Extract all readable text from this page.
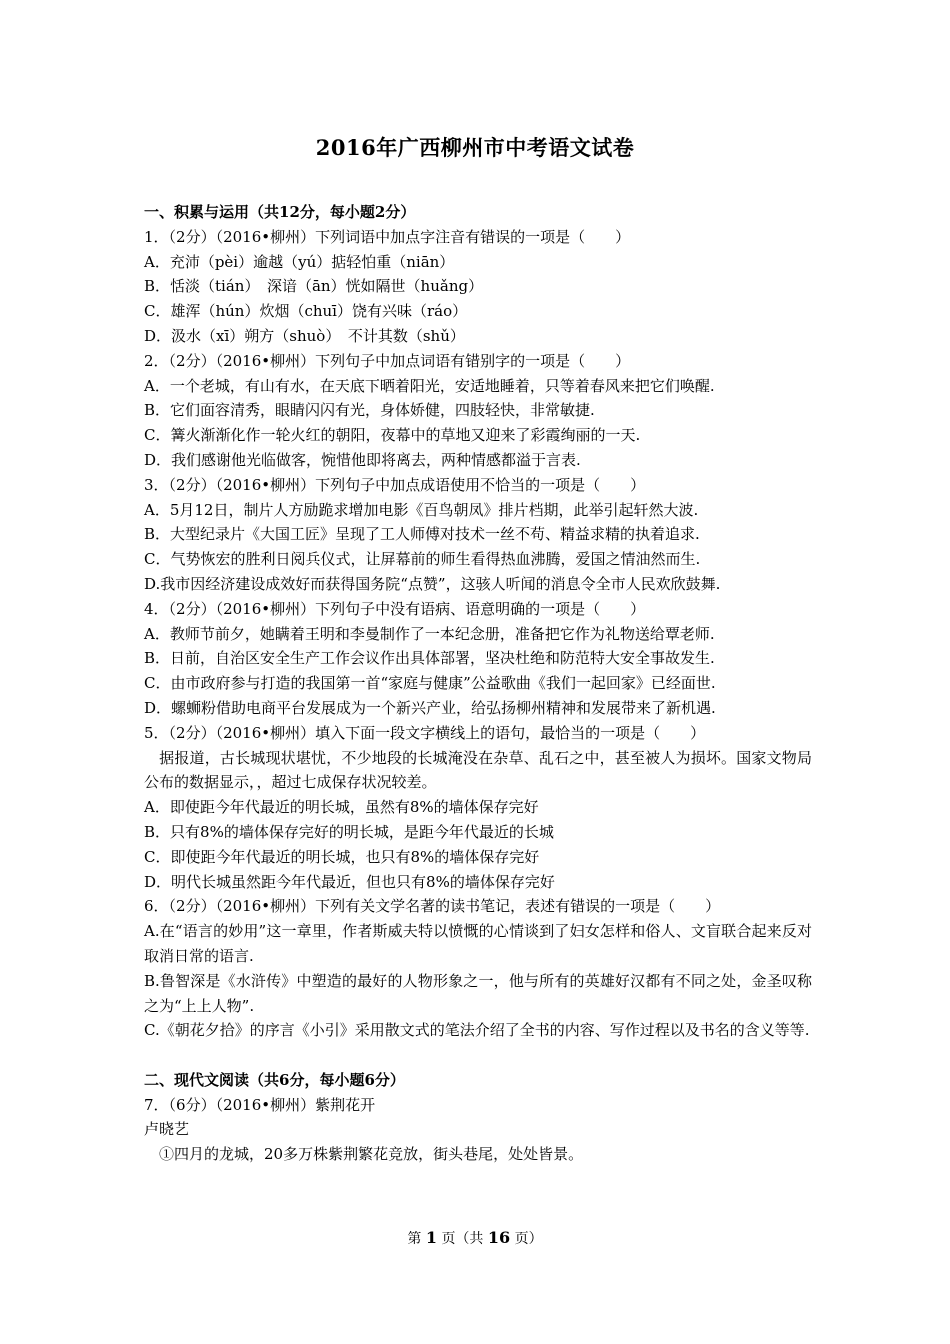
2016年广西柳州市中考语文试卷
一、积累与运用（共12分，每小题2分）
1．（2分）（2016•柳州）下列词语中加点字注音有错误的一项是（　　）
A．充沛（pèi）逾越（yú）掂轻怕重（niān）
B．恬淡（tián）　深谙（ān）恍如隔世（huǎng）
C．雄浑（hún）炊烟（chuī）饶有兴味（ráo）
D．汲水（xī）朔方（shuò）　不计其数（shǔ）
2．（2分）（2016•柳州）下列句子中加点词语有错别字的一项是（　　）
A．一个老城，有山有水，在天底下晒着阳光，安适地睡着，只等着春风来把它们唤醒.
B．它们面容清秀，眼睛闪闪有光，身体娇健，四肢轻快，非常敏捷.
C．篝火渐渐化作一轮火红的朝阳，夜幕中的草地又迎来了彩霞绚丽的一天.
D．我们感谢他光临做客，惋惜他即将离去，两种情感都溢于言表.
3．（2分）（2016•柳州）下列句子中加点成语使用不恰当的一项是（　　）
A．5月12日，制片人方励跪求增加电影《百鸟朝凤》排片档期，此举引起轩然大波.
B．大型纪录片《大国工匠》呈现了工人师傅对技术一丝不苟、精益求精的执着追求.
C．气势恢宏的胜利日阅兵仪式，让屏幕前的师生看得热血沸腾，爱国之情油然而生.
D.我市因经济建设成效好而获得国务院“点赞”，这骇人听闻的消息令全市人民欢欣鼓舞.
4．（2分）（2016•柳州）下列句子中没有语病、语意明确的一项是（　　）
A．教师节前夕，她瞒着王明和李曼制作了一本纪念册，准备把它作为礼物送给覃老师.
B．日前，自治区安全生产工作会议作出具体部署，坚决杜绝和防范特大安全事故发生.
C．由市政府参与打造的我国第一首“家庭与健康”公益歌曲《我们一起回家》已经面世.
D．螺蛳粉借助电商平台发展成为一个新兴产业，给弘扬柳州精神和发展带来了新机遇.
5．（2分）（2016•柳州）填入下面一段文字横线上的语句，最恰当的一项是（　　）
　据报道，古长城现状堪忧，不少地段的长城淹没在杂草、乱石之中，甚至被人为损坏。国家文物局公布的数据显示，，超过七成保存状况较差。
A．即使距今年代最近的明长城，虽然有8%的墙体保存完好
B．只有8%的墙体保存完好的明长城，是距今年代最近的长城
C．即使距今年代最近的明长城，也只有8%的墙体保存完好
D．明代长城虽然距今年代最近，但也只有8%的墙体保存完好
6．（2分）（2016•柳州）下列有关文学名著的读书笔记，表述有错误的一项是（　　）
A.在“语言的妙用”这一章里，作者斯威夫特以愤慨的心情谈到了妇女怎样和俗人、文盲联合起来反对取消日常的语言.
B.鲁智深是《水浒传》中塑造的最好的人物形象之一，他与所有的英雄好汉都有不同之处，金圣叹称之为“上上人物”.
C.《朝花夕拾》的序言《小引》采用散文式的笔法介绍了全书的内容、写作过程以及书名的含义等等.
二、现代文阅读（共6分，每小题6分）
7．（6分）（2016•柳州）紫荆花开
卢晓艺
　①四月的龙城，20多万株紫荆繁花竞放，街头巷尾，处处皆景。
第 1 页（共 16 页）
